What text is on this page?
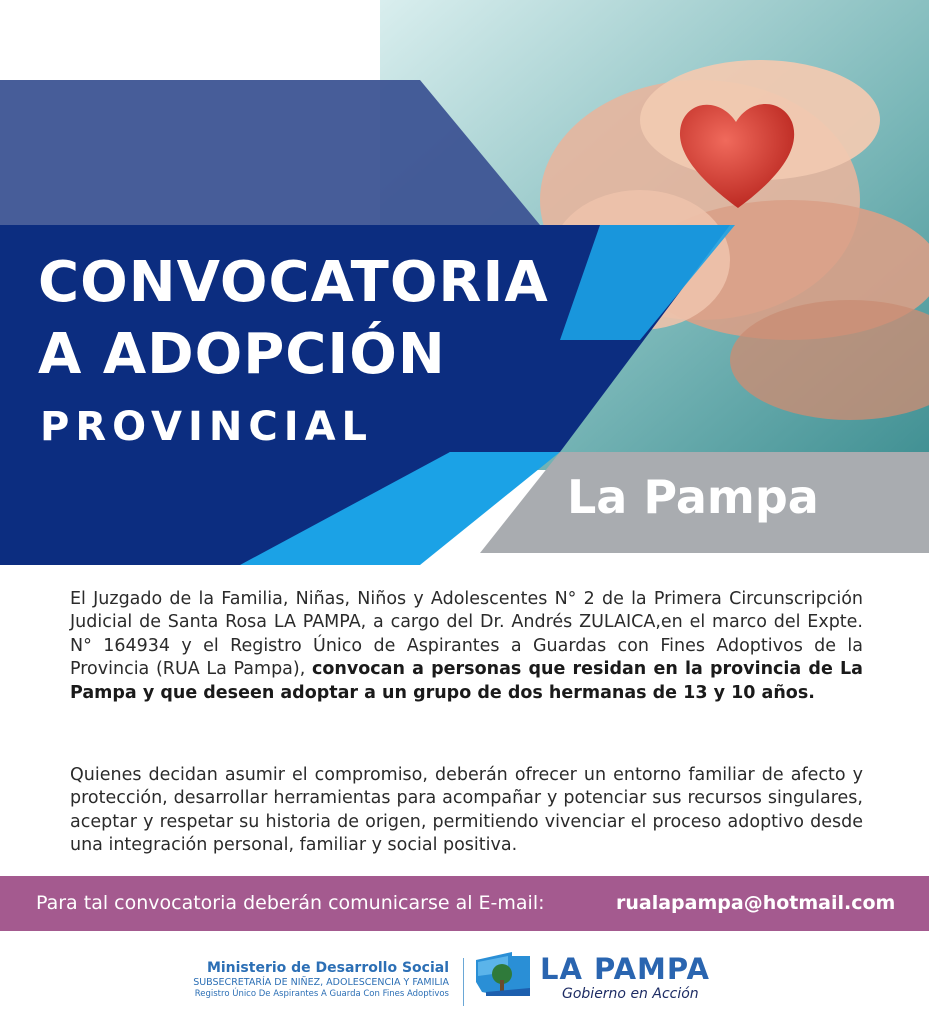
CONVOCATORIA
A ADOPCIÓN
PROVINCIAL
La Pampa
El Juzgado de la Familia, Niñas, Niños y Adolescentes N° 2 de la Primera Circunscripción Judicial de Santa Rosa LA PAMPA, a cargo del Dr. Andrés ZULAICA,en el marco del Expte. N° 164934 y el Registro Único de Aspirantes a Guardas con Fines Adoptivos de la Provincia (RUA La Pampa), convocan a personas que residan en la provincia de La Pampa y que deseen adoptar a un grupo de dos hermanas de 13 y 10 años.
Quienes decidan asumir el compromiso, deberán ofrecer un entorno familiar de afecto y protección, desarrollar herramientas para acompañar y potenciar sus recursos singulares, aceptar y respetar su historia de origen, permitiendo vivenciar el proceso adoptivo desde una integración personal, familiar y social positiva.
Para tal convocatoria deberán comunicarse al E-mail:	rualapampa@hotmail.com
Ministerio de Desarrollo Social
SUBSECRETARÍA DE NIÑEZ, ADOLESCENCIA Y FAMILIA
Registro Único De Aspirantes A Guarda Con Fines Adoptivos
LA PAMPA
Gobierno en Acción
